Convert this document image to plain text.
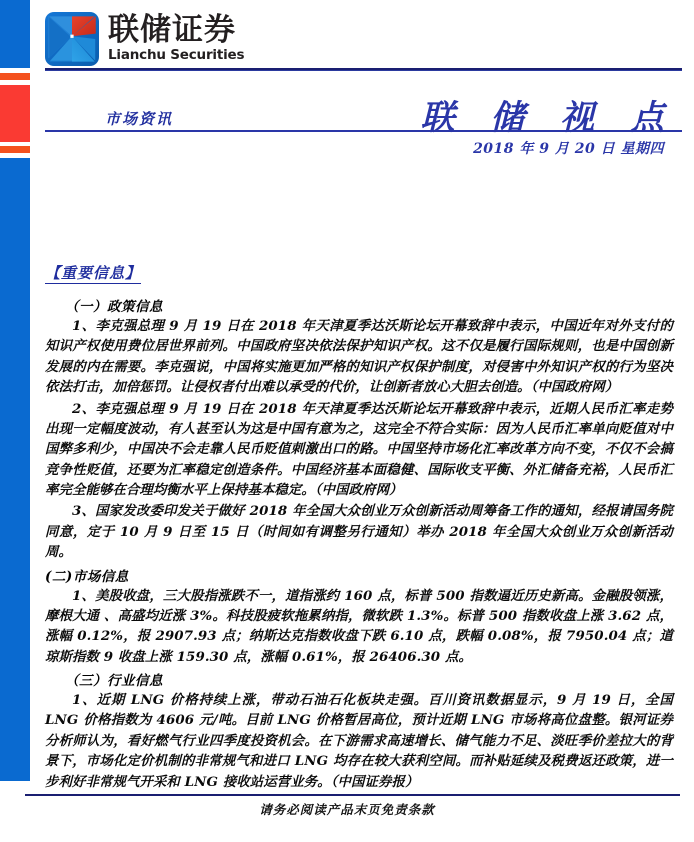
联储证券
Lianchu Securities
市场资讯	联 储 视 点
2018 年 9 月 20 日 星期四
【重要信息】
（一）政策信息

1、李克强总理 9 月 19 日在 2018 年天津夏季达沃斯论坛开幕致辞中表示，中国近年对外支付的知识产权使用费位居世界前列。中国政府坚决依法保护知识产权。这不仅是履行国际规则，也是中国创新发展的内在需要。李克强说，中国将实施更加严格的知识产权保护制度，对侵害中外知识产权的行为坚决依法打击，加倍惩罚。让侵权者付出难以承受的代价，让创新者放心大胆去创造。（中国政府网）

2、李克强总理 9 月 19 日在 2018 年天津夏季达沃斯论坛开幕致辞中表示，近期人民币汇率走势出现一定幅度波动，有人甚至认为这是中国有意为之，这完全不符合实际：因为人民币汇率单向贬值对中国弊多利少，中国决不会走靠人民币贬值刺激出口的路。中国坚持市场化汇率改革方向不变，不仅不会搞竞争性贬值，还要为汇率稳定创造条件。中国经济基本面稳健、国际收支平衡、外汇储备充裕，人民币汇率完全能够在合理均衡水平上保持基本稳定。（中国政府网）

3、国家发改委印发关于做好 2018 年全国大众创业万众创新活动周筹备工作的通知，经报请国务院同意，定于 10 月 9 日至 15 日（时间如有调整另行通知）举办 2018 年全国大众创业万众创新活动周。

(二)市场信息

1、美股收盘，三大股指涨跌不一，道指涨约 160 点，标普 500 指数逼近历史新高。金融股领涨，摩根大通 、高盛均近涨 3%。科技股疲软拖累纳指，微软跌 1.3%。标普 500 指数收盘上涨 3.62 点，涨幅 0.12%，报 2907.93 点；纳斯达克指数收盘下跌 6.10 点，跌幅 0.08%，报 7950.04 点；道琼斯指数 9 收盘上涨 159.30 点，涨幅 0.61%，报 26406.30 点。

（三）行业信息

1、近期 LNG 价格持续上涨，带动石油石化板块走强。百川资讯数据显示，9 月 19 日，全国 LNG 价格指数为 4606 元/吨。目前 LNG 价格暂居高位，预计近期 LNG 市场将高位盘整。银河证券分析师认为，看好燃气行业四季度投资机会。在下游需求高速增长、储气能力不足、淡旺季价差拉大的背景下，市场化定价机制的非常规气和进口 LNG 均存在较大获利空间。而补贴延续及税费返还政策，进一步利好非常规气开采和 LNG 接收站运营业务。（中国证券报）

请务必阅读产品末页免责条款
